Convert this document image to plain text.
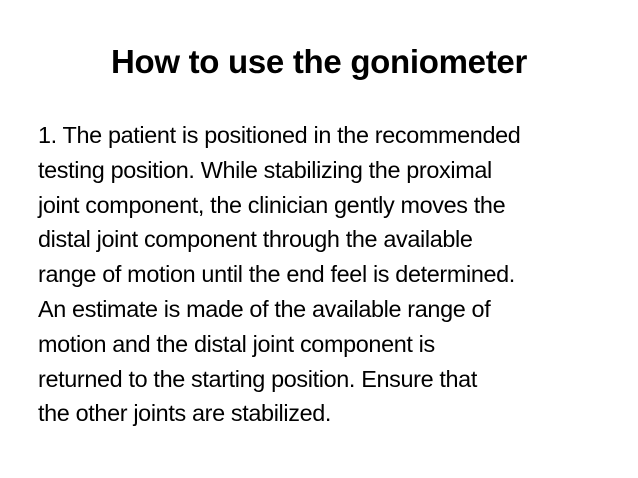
How to use the goniometer
1. The patient is positioned in the recommended
testing position. While stabilizing the proximal
joint component, the clinician gently moves the
distal joint component through the available
range of motion until the end feel is determined.
An estimate is made of the available range of
motion and the distal joint component is
returned to the starting position. Ensure that
the other joints are stabilized.
